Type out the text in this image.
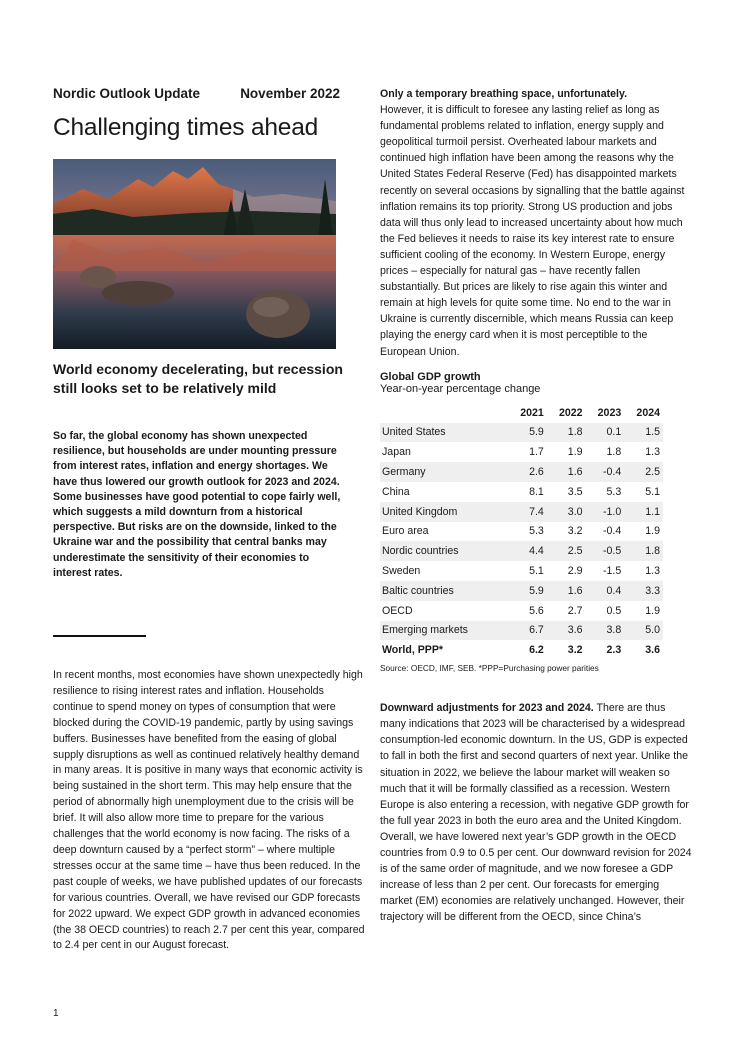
Nordic Outlook Update	November 2022

Challenging times ahead

World economy decelerating, but recession still looks set to be relatively mild

So far, the global economy has shown unexpected resilience, but households are under mounting pressure from interest rates, inflation and energy shortages. We have thus lowered our growth outlook for 2023 and 2024. Some businesses have good potential to cope fairly well, which suggests a mild downturn from a historical perspective. But risks are on the downside, linked to the Ukraine war and the possibility that central banks may underestimate the sensitivity of their economies to interest rates.

In recent months, most economies have shown unexpectedly high resilience to rising interest rates and inflation. Households continue to spend money on types of consumption that were blocked during the COVID-19 pandemic, partly by using savings buffers. Businesses have benefited from the easing of global supply disruptions as well as continued relatively healthy demand in many areas. It is positive in many ways that economic activity is being sustained in the short term. This may help ensure that the period of abnormally high unemployment due to the crisis will be brief. It will also allow more time to prepare for the various challenges that the world economy is now facing. The risks of a deep downturn caused by a “perfect storm” – where multiple stresses occur at the same time – have thus been reduced. In the past couple of weeks, we have published updates of our forecasts for various countries. Overall, we have revised our GDP forecasts for 2022 upward. We expect GDP growth in advanced economies (the 38 OECD countries) to reach 2.7 per cent this year, compared to 2.4 per cent in our August forecast.

Only a temporary breathing space, unfortunately.
However, it is difficult to foresee any lasting relief as long as fundamental problems related to inflation, energy supply and geopolitical turmoil persist. Overheated labour markets and continued high inflation have been among the reasons why the United States Federal Reserve (Fed) has disappointed markets recently on several occasions by signalling that the battle against inflation remains its top priority. Strong US production and jobs data will thus only lead to increased uncertainty about how much the Fed believes it needs to raise its key interest rate to ensure sufficient cooling of the economy. In Western Europe, energy prices – especially for natural gas – have recently fallen substantially. But prices are likely to rise again this winter and remain at high levels for quite some time. No end to the war in Ukraine is currently discernible, which means Russia can keep playing the energy card when it is most perceptible to the European Union.

Global GDP growth

Year-on-year percentage change

	2021	2022	2023	2024
United States	5.9	1.8	0.1	1.5
Japan	1.7	1.9	1.8	1.3
Germany	2.6	1.6	-0.4	2.5
China	8.1	3.5	5.3	5.1
United Kingdom	7.4	3.0	-1.0	1.1
Euro area	5.3	3.2	-0.4	1.9
Nordic countries	4.4	2.5	-0.5	1.8
Sweden	5.1	2.9	-1.5	1.3
Baltic countries	5.9	1.6	0.4	3.3
OECD	5.6	2.7	0.5	1.9
Emerging markets	6.7	3.6	3.8	5.0
World, PPP*	6.2	3.2	2.3	3.6

Source: OECD, IMF, SEB. *PPP=Purchasing power parities

Downward adjustments for 2023 and 2024. There are thus many indications that 2023 will be characterised by a widespread consumption-led economic downturn. In the US, GDP is expected to fall in both the first and second quarters of next year. Unlike the situation in 2022, we believe the labour market will weaken so much that it will be formally classified as a recession. Western Europe is also entering a recession, with negative GDP growth for the full year 2023 in both the euro area and the United Kingdom. Overall, we have lowered next year’s GDP growth in the OECD countries from 0.9 to 0.5 per cent. Our downward revision for 2024 is of the same order of magnitude, and we now foresee a GDP increase of less than 2 per cent. Our forecasts for emerging market (EM) economies are relatively unchanged. However, their trajectory will be different from the OECD, since China’s

1
